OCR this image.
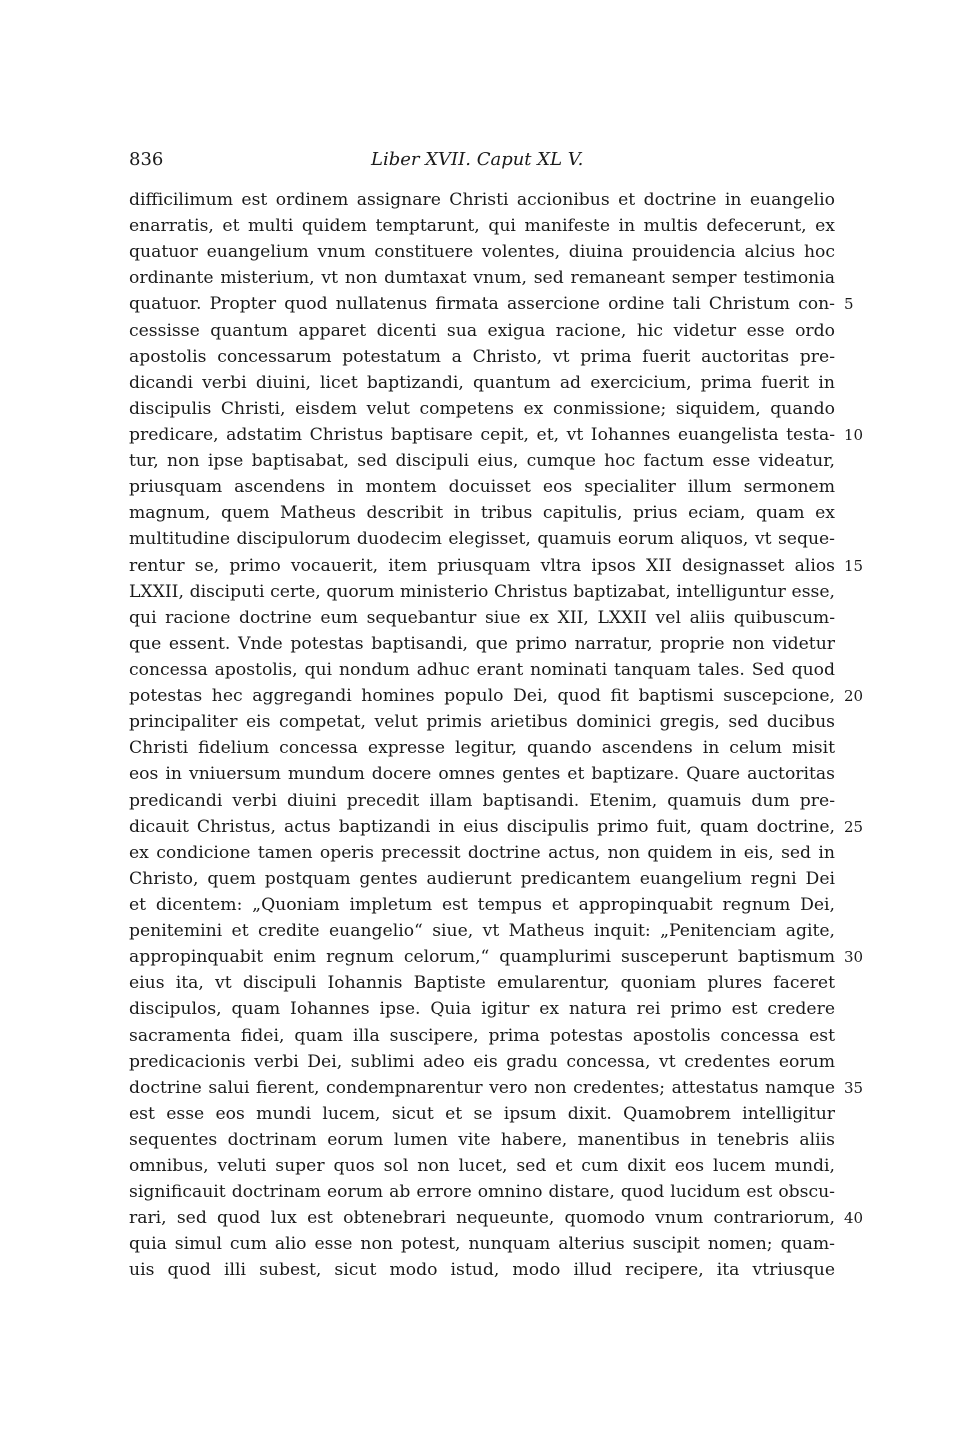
836	Liber XVII. Caput XL V.
difficilimum est ordinem assignare Christi accionibus et doctrine in euangelio
enarratis, et multi quidem temptarunt, qui manifeste in multis defecerunt, ex
quatuor euangelium vnum constituere volentes, diuina prouidencia alcius hoc
ordinante misterium, vt non dumtaxat vnum, sed remaneant semper testimonia
quatuor. Propter quod nullatenus firmata assercione ordine tali Christum con- 5
cessisse quantum apparet dicenti sua exigua racione, hic videtur esse ordo
apostolis concessarum potestatum a Christo, vt prima fuerit auctoritas pre-
dicandi verbi diuini, licet baptizandi, quantum ad exercicium, prima fuerit in
discipulis Christi, eisdem velut competens ex conmissione; siquidem, quando
predicare, adstatim Christus baptisare cepit, et, vt Iohannes euangelista testa- 10
tur, non ipse baptisabat, sed discipuli eius, cumque hoc factum esse videatur,
priusquam ascendens in montem docuisset eos specialiter illum sermonem
magnum, quem Matheus describit in tribus capitulis, prius eciam, quam ex
multitudine discipulorum duodecim elegisset, quamuis eorum aliquos, vt seque-
rentur se, primo vocauerit, item priusquam vltra ipsos XII designasset alios 15
LXXII, disciputi certe, quorum ministerio Christus baptizabat, intelliguntur esse,
qui racione doctrine eum sequebantur siue ex XII, LXXII vel aliis quibuscum-
que essent. Vnde potestas baptisandi, que primo narratur, proprie non videtur
concessa apostolis, qui nondum adhuc erant nominati tanquam tales. Sed quod
potestas hec aggregandi homines populo Dei, quod fit baptismi suscepcione, 20
principaliter eis competat, velut primis arietibus dominici gregis, sed ducibus
Christi fidelium concessa expresse legitur, quando ascendens in celum misit
eos in vniuersum mundum docere omnes gentes et baptizare. Quare auctoritas
predicandi verbi diuini precedit illam baptisandi. Etenim, quamuis dum pre-
dicauit Christus, actus baptizandi in eius discipulis primo fuit, quam doctrine, 25
ex condicione tamen operis precessit doctrine actus, non quidem in eis, sed in
Christo, quem postquam gentes audierunt predicantem euangelium regni Dei
et dicentem: „Quoniam impletum est tempus et appropinquabit regnum Dei,
penitemini et credite euangelio“ siue, vt Matheus inquit: „Penitenciam agite,
appropinquabit enim regnum celorum,“ quamplurimi susceperunt baptismum 30
eius ita, vt discipuli Iohannis Baptiste emularentur, quoniam plures faceret
discipulos, quam Iohannes ipse. Quia igitur ex natura rei primo est credere
sacramenta fidei, quam illa suscipere, prima potestas apostolis concessa est
predicacionis verbi Dei, sublimi adeo eis gradu concessa, vt credentes eorum
doctrine salui fierent, condempnarentur vero non credentes; attestatus namque 35
est esse eos mundi lucem, sicut et se ipsum dixit. Quamobrem intelligitur
sequentes doctrinam eorum lumen vite habere, manentibus in tenebris aliis
omnibus, veluti super quos sol non lucet, sed et cum dixit eos lucem mundi,
significauit doctrinam eorum ab errore omnino distare, quod lucidum est obscu-
rari, sed quod lux est obtenebrari nequeunte, quomodo vnum contrariorum, 40
quia simul cum alio esse non potest, nunquam alterius suscipit nomen; quam-
uis quod illi subest, sicut modo istud, modo illud recipere, ita vtriusque
